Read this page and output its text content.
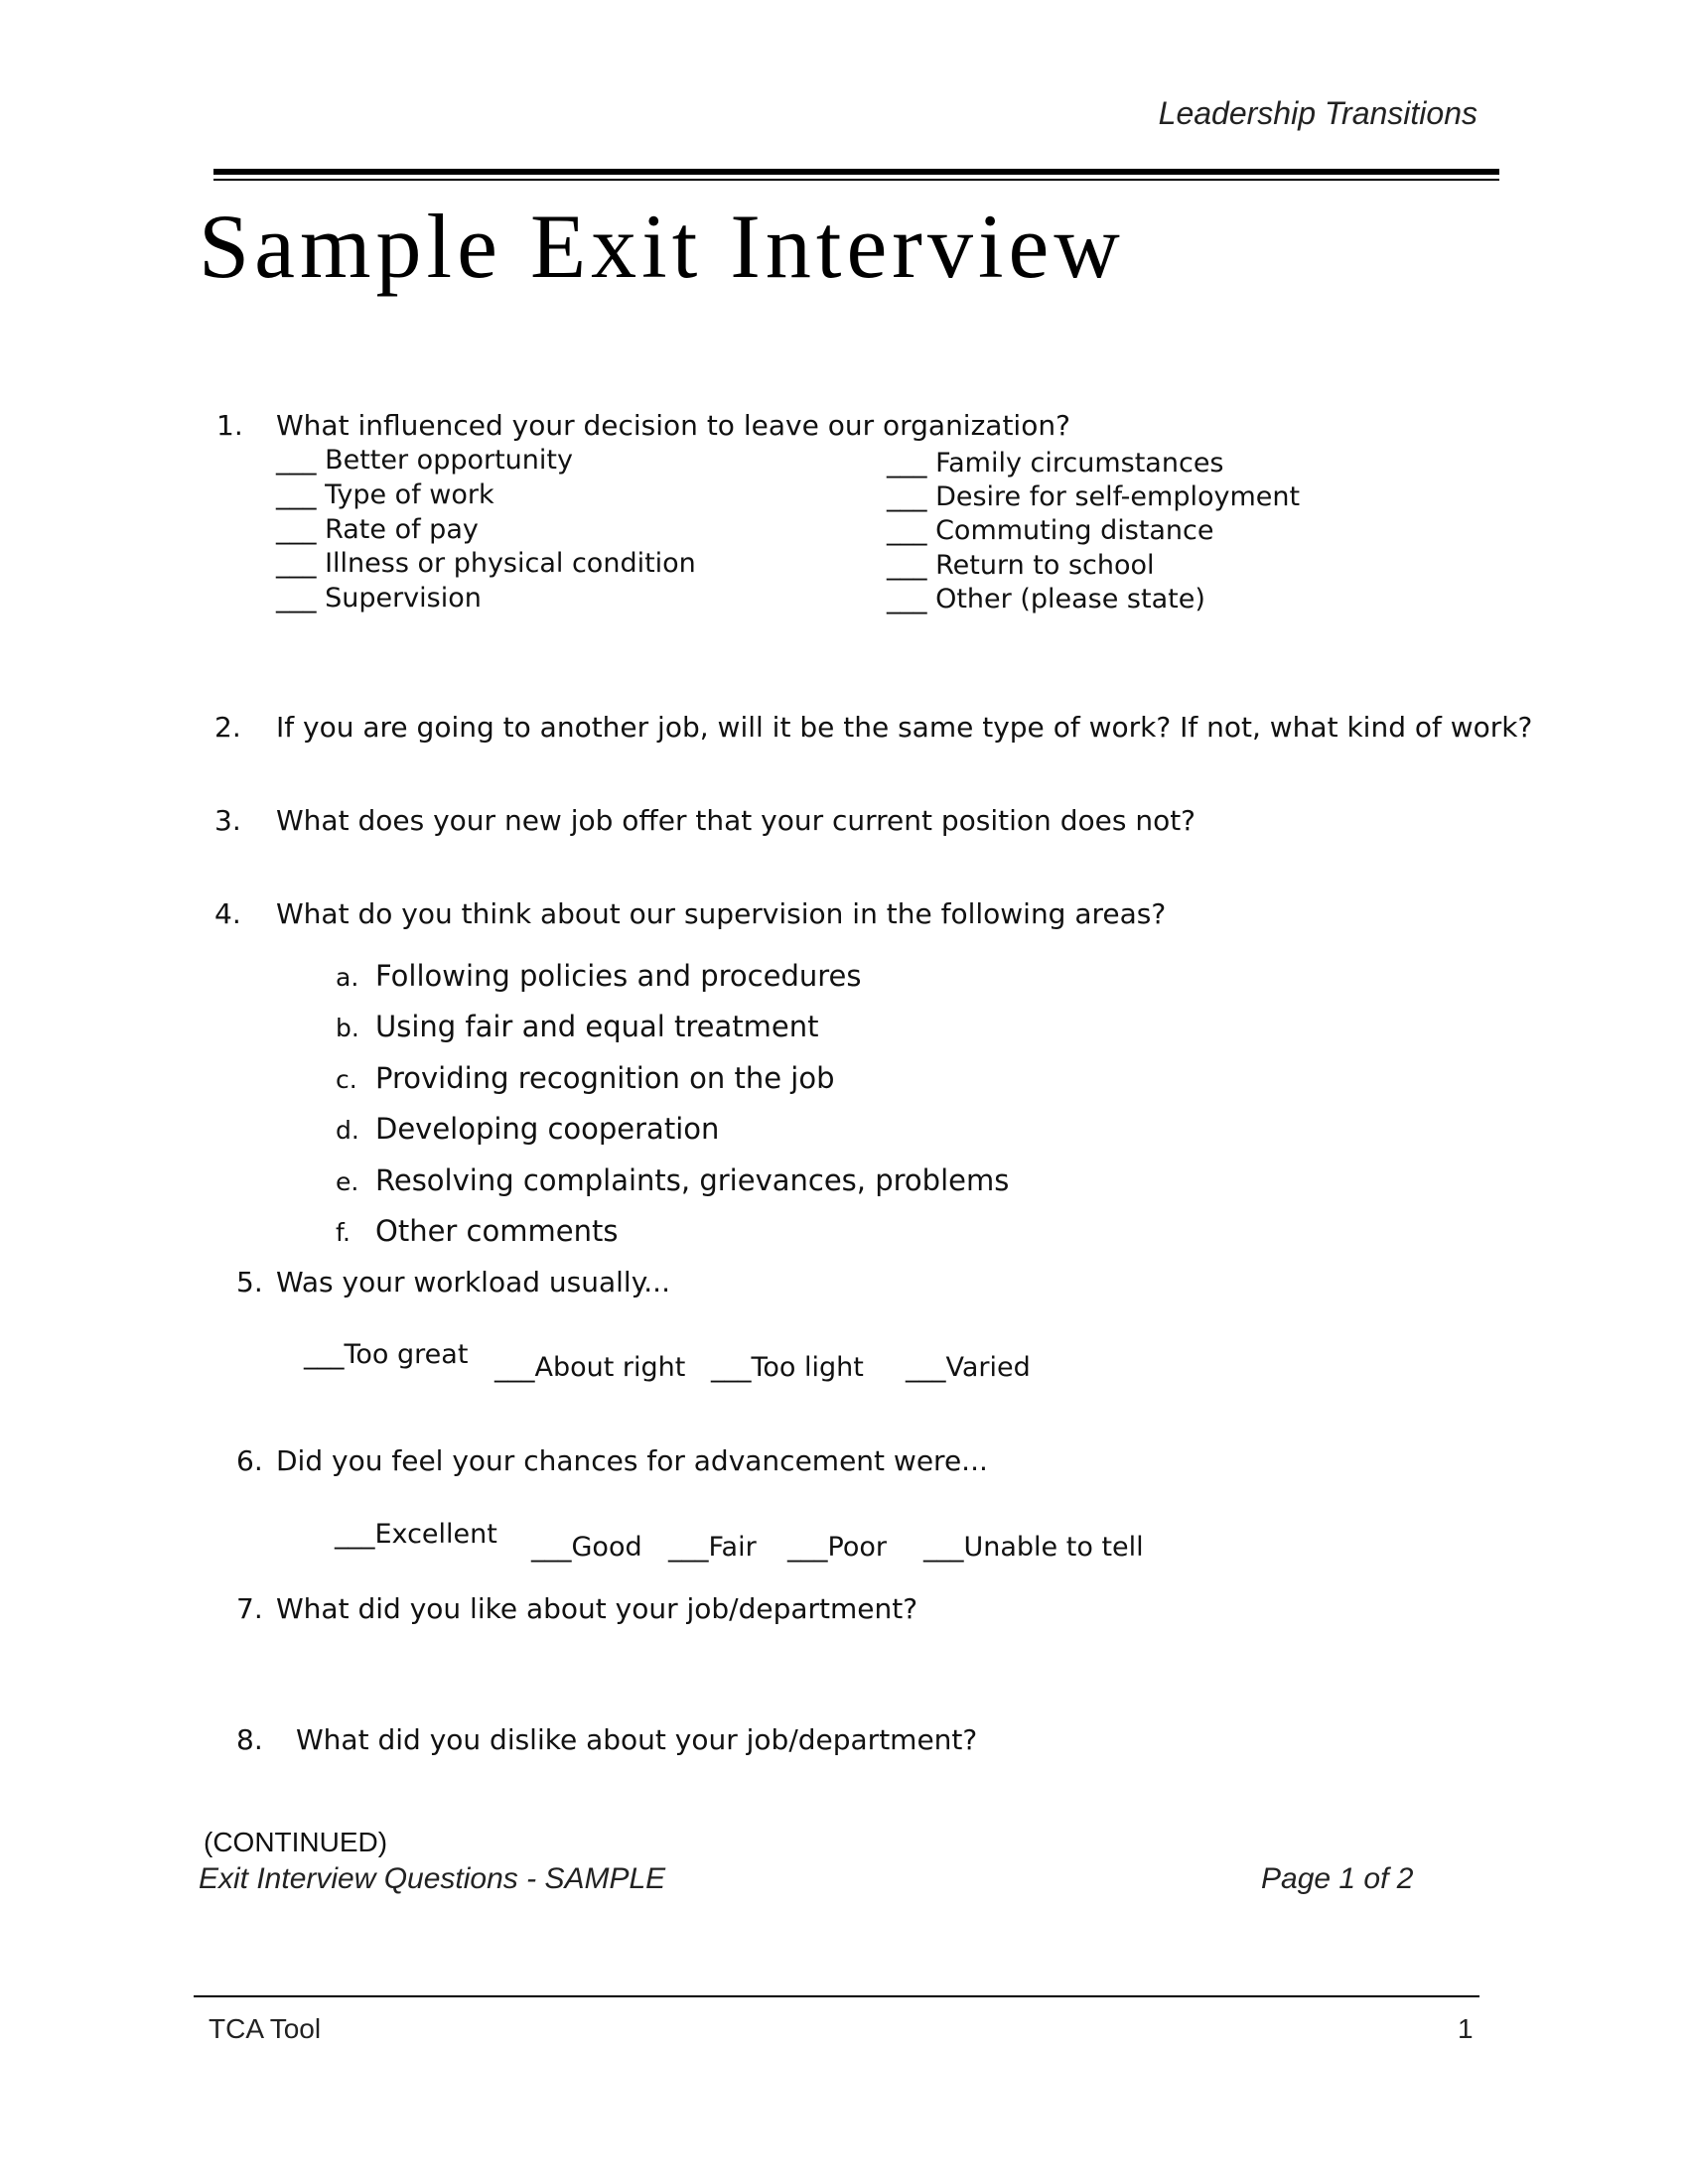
Leadership Transitions
Sample Exit Interview
1. What influenced your decision to leave our organization?
___ Better opportunity
___ Type of work
___ Rate of pay
___ Illness or physical condition
___ Supervision
___ Family circumstances
___ Desire for self-employment
___ Commuting distance
___ Return to school
___ Other (please state)
2. If you are going to another job, will it be the same type of work? If not, what kind of work?
3. What does your new job offer that your current position does not?
4. What do you think about our supervision in the following areas?
a. Following policies and procedures
b. Using fair and equal treatment
c. Providing recognition on the job
d. Developing cooperation
e. Resolving complaints, grievances, problems
f. Other comments
5. Was your workload usually...
___Too great ___About right ___Too light ___Varied
6. Did you feel your chances for advancement were...
___Excellent ___Good ___Fair ___Poor ___Unable to tell
7. What did you like about your job/department?
8. What did you dislike about your job/department?
(CONTINUED)
Exit Interview Questions - SAMPLE	Page 1 of 2
TCA Tool	1
